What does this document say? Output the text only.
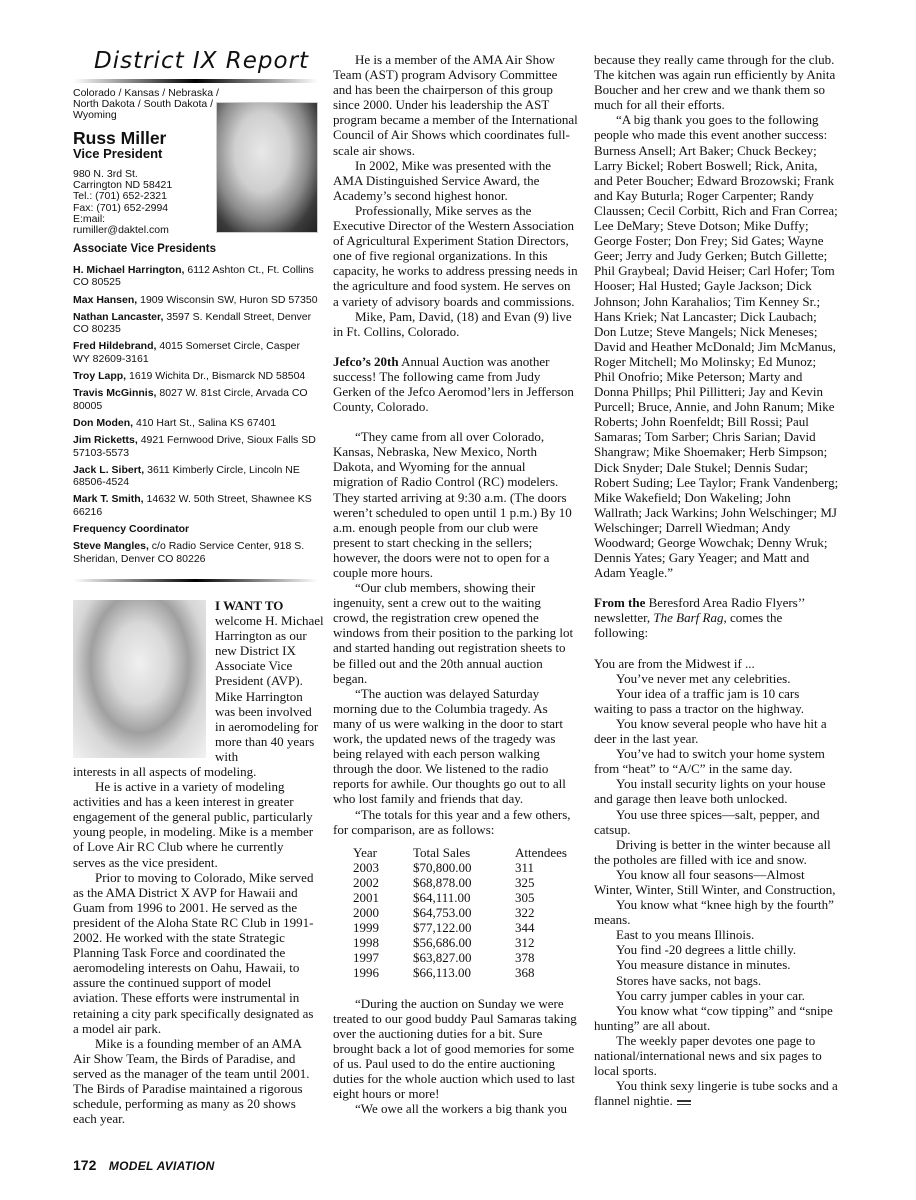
District IX Report
Colorado / Kansas / Nebraska / North Dakota / South Dakota / Wyoming
Russ Miller
Vice President
980 N. 3rd St.
Carrington ND 58421
Tel.: (701) 652-2321
Fax: (701) 652-2994
E:mail:
rumiller@daktel.com
Associate Vice Presidents
H. Michael Harrington, 6112 Ashton Ct., Ft. Collins CO 80525
Max Hansen, 1909 Wisconsin SW, Huron SD 57350
Nathan Lancaster, 3597 S. Kendall Street, Denver CO 80235
Fred Hildebrand, 4015 Somerset Circle, Casper WY 82609-3161
Troy Lapp, 1619 Wichita Dr., Bismarck ND 58504
Travis McGinnis, 8027 W. 81st Circle, Arvada CO 80005
Don Moden, 410 Hart St., Salina KS 67401
Jim Ricketts, 4921 Fernwood Drive, Sioux Falls SD 57103-5573
Jack L. Sibert, 3611 Kimberly Circle, Lincoln NE 68506-4524
Mark T. Smith, 14632 W. 50th Street, Shawnee KS 66216
Frequency Coordinator
Steve Mangles, c/o Radio Service Center, 918 S. Sheridan, Denver CO 80226
I WANT TO welcome H. Michael Harrington as our new District IX Associate Vice President (AVP). Mike Harrington was been involved in aeromodeling for more than 40 years with

interests in all aspects of modeling.

He is active in a variety of modeling activities and has a keen interest in greater engagement of the general public, particularly young people, in modeling. Mike is a member of Love Air RC Club where he currently serves as the vice president.

Prior to moving to Colorado, Mike served as the AMA District X AVP for Hawaii and Guam from 1996 to 2001. He served as the president of the Aloha State RC Club in 1991-2002. He worked with the state Strategic Planning Task Force and coordinated the aeromodeling interests on Oahu, Hawaii, to assure the continued support of model aviation. These efforts were instrumental in retaining a city park specifically designated as a model air park.

Mike is a founding member of an AMA Air Show Team, the Birds of Paradise, and served as the manager of the team until 2001. The Birds of Paradise maintained a rigorous schedule, performing as many as 20 shows each year.

He is a member of the AMA Air Show Team (AST) program Advisory Committee and has been the chairperson of this group since 2000. Under his leadership the AST program became a member of the International Council of Air Shows which coordinates full-scale air shows.

In 2002, Mike was presented with the AMA Distinguished Service Award, the Academy’s second highest honor.

Professionally, Mike serves as the Executive Director of the Western Association of Agricultural Experiment Station Directors, one of five regional organizations. In this capacity, he works to address pressing needs in the agriculture and food system. He serves on a variety of advisory boards and commissions.

Mike, Pam, David, (18) and Evan (9) live in Ft. Collins, Colorado.

Jefco’s 20th Annual Auction was another success! The following came from Judy Gerken of the Jefco Aeromod’lers in Jefferson County, Colorado.

“They came from all over Colorado, Kansas, Nebraska, New Mexico, North Dakota, and Wyoming for the annual migration of Radio Control (RC) modelers. They started arriving at 9:30 a.m. (The doors weren’t scheduled to open until 1 p.m.) By 10 a.m. enough people from our club were present to start checking in the sellers; however, the doors were not to open for a couple more hours.

“Our club members, showing their ingenuity, sent a crew out to the waiting crowd, the registration crew opened the windows from their position to the parking lot and started handing out registration sheets to be filled out and the 20th annual auction began.

“The auction was delayed Saturday morning due to the Columbia tragedy. As many of us were walking in the door to start work, the updated news of the tragedy was being relayed with each person walking through the door. We listened to the radio reports for awhile. Our thoughts go out to all who lost family and friends that day.

“The totals for this year and a few others, for comparison, are as follows:

Year	Total Sales	Attendees
2003	$70,800.00	311
2002	$68,878.00	325
2001	$64,111.00	305
2000	$64,753.00	322
1999	$77,122.00	344
1998	$56,686.00	312
1997	$63,827.00	378
1996	$66,113.00	368

“During the auction on Sunday we were treated to our good buddy Paul Samaras taking over the auctioning duties for a bit. Sure brought back a lot of good memories for some of us. Paul used to do the entire auctioning duties for the whole auction which used to last eight hours or more!

“We owe all the workers a big thank you

because they really came through for the club. The kitchen was again run efficiently by Anita Boucher and her crew and we thank them so much for all their efforts.

“A big thank you goes to the following people who made this event another success: Burness Ansell; Art Baker; Chuck Beckey; Larry Bickel; Robert Boswell; Rick, Anita, and Peter Boucher; Edward Brozowski; Frank and Kay Buturla; Roger Carpenter; Randy Claussen; Cecil Corbitt, Rich and Fran Correa; Lee DeMary; Steve Dotson; Mike Duffy; George Foster; Don Frey; Sid Gates; Wayne Geer; Jerry and Judy Gerken; Butch Gillette; Phil Graybeal; David Heiser; Carl Hofer; Tom Hooser; Hal Husted; Gayle Jackson; Dick Johnson; John Karahalios; Tim Kenney Sr.; Hans Kriek; Nat Lancaster; Dick Laubach; Don Lutze; Steve Mangels; Nick Meneses; David and Heather McDonald; Jim McManus, Roger Mitchell; Mo Molinsky; Ed Munoz; Phil Onofrio; Mike Peterson; Marty and Donna Phillps; Phil Pillitteri; Jay and Kevin Purcell; Bruce, Annie, and John Ranum; Mike Roberts; John Roenfeldt; Bill Rossi; Paul Samaras; Tom Sarber; Chris Sarian; David Shangraw; Mike Shoemaker; Herb Simpson; Dick Snyder; Dale Stukel; Dennis Sudar; Robert Suding; Lee Taylor; Frank Vandenberg; Mike Wakefield; Don Wakeling; John Wallrath; Jack Warkins; John Welschinger; MJ Welschinger; Darrell Wiedman; Andy Woodward; George Wowchak; Denny Wruk; Dennis Yates; Gary Yeager; and Matt and Adam Yeagle.”

From the Beresford Area Radio Flyers’’ newsletter, The Barf Rag, comes the following:

You are from the Midwest if ...

You’ve never met any celebrities.

Your idea of a traffic jam is 10 cars waiting to pass a tractor on the highway.

You know several people who have hit a deer in the last year.

You’ve had to switch your home system from “heat” to “A/C” in the same day.

You install security lights on your house and garage then leave both unlocked.

You use three spices—salt, pepper, and catsup.

Driving is better in the winter because all the potholes are filled with ice and snow.

You know all four seasons—Almost Winter, Winter, Still Winter, and Construction,

You know what “knee high by the fourth” means.

East to you means Illinois.

You find -20 degrees a little chilly.

You measure distance in minutes.

Stores have sacks, not bags.

You carry jumper cables in your car.

You know what “cow tipping” and “snipe hunting” are all about.

The weekly paper devotes one page to national/international news and six pages to local sports.

You think sexy lingerie is tube socks and a flannel nightie.

172 MODEL AVIATION
